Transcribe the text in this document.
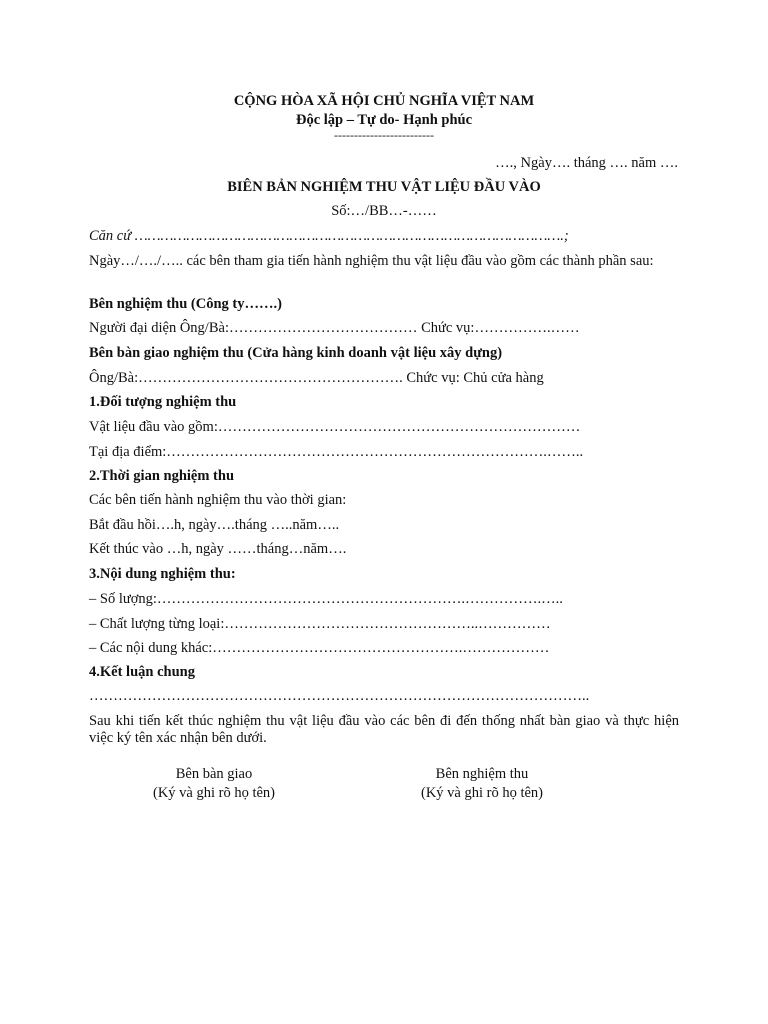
CỘNG HÒA XÃ HỘI CHỦ NGHĨA VIỆT NAM
Độc lập – Tự do- Hạnh phúc
-------------------------
…., Ngày…. tháng …. năm ….
BIÊN BẢN NGHIỆM THU VẬT LIỆU ĐẦU VÀO
Số:…/BB…-……
Căn cứ ……………………………………………………………………………………….;
Ngày…/…./….. các bên tham gia tiến hành nghiệm thu vật liệu đầu vào gồm các thành phần sau:
Bên nghiệm thu (Công ty…….)
Người đại diện Ông/Bà:………………………………… Chức vụ:…………….……
Bên bàn giao nghiệm thu (Cửa hàng kinh doanh vật liệu xây dựng)
Ông/Bà:………………………………………………. Chức vụ: Chủ cửa hàng
1.Đối tượng nghiệm thu
Vật liệu đầu vào gồm:…………………………………………………………………
Tại địa điểm:…………………………………………………………………….……..
2.Thời gian nghiệm thu
Các bên tiến hành nghiệm thu vào thời gian:
Bắt đầu hồi….h, ngày….tháng …..năm…..
Kết thúc vào …h, ngày ……tháng…năm….
3.Nội dung nghiệm thu:
– Số lượng:……………………………………………………….…………….…..
– Chất lượng từng loại:……………………………………………..……………
– Các nội dung khác:…………………………………………….………………
4.Kết luận chung
…………………………………………………………………………………………..
Sau khi tiến kết thúc nghiệm thu vật liệu đầu vào các bên đi đến thống nhất bàn giao và thực hiện việc ký tên xác nhận bên dưới.
Bên bàn giao
(Ký và ghi rõ họ tên)
Bên nghiệm thu
(Ký và ghi rõ họ tên)
